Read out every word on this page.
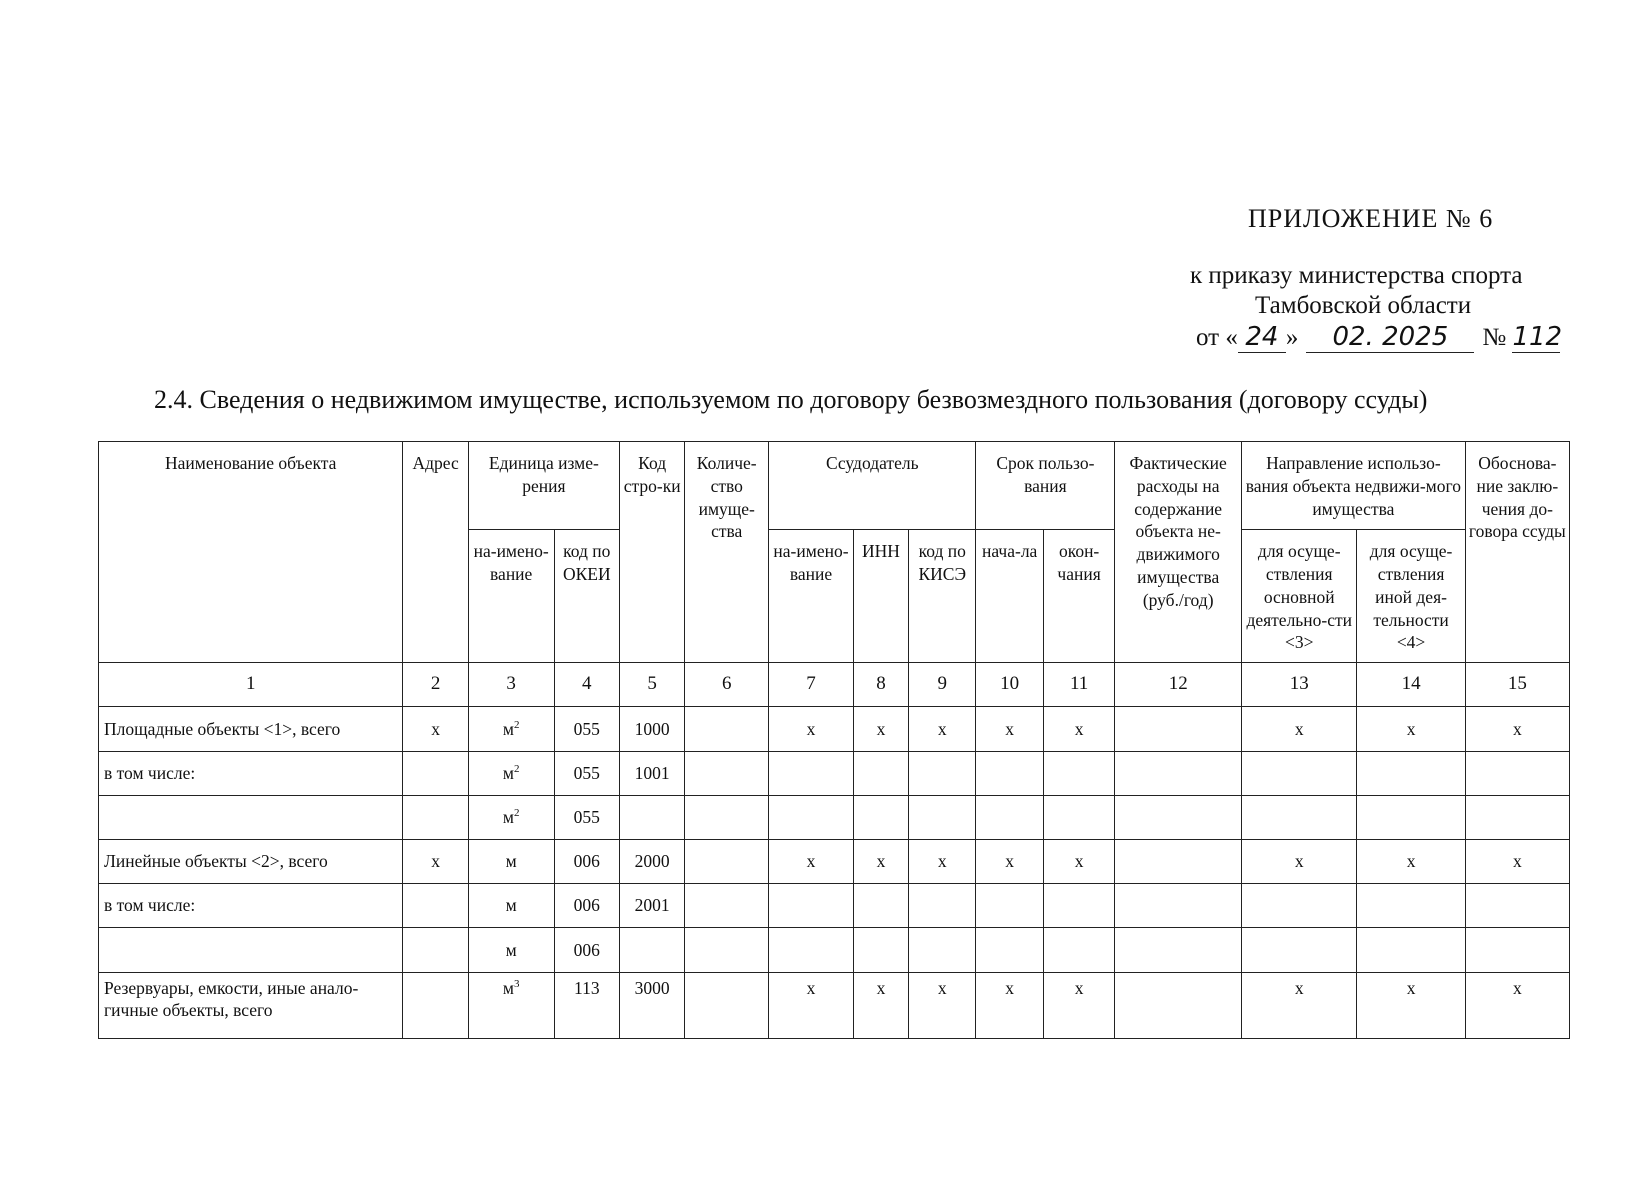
ПРИЛОЖЕНИЕ № 6
к приказу министерства спорта
Тамбовской области
от « 24 » 02. 2025 № 112
2.4. Сведения о недвижимом имуществе, используемом по договору безвозмездного пользования (договору ссуды)
Наименование объекта	Адрес	Единица изме-рения		Код стро-ки	Количе-ство имуще-ства	Ссудодатель			Срок пользо-вания		Фактические расходы на содержание объекта не-движимого имущества (руб./год)	Направление использо-вания объекта недвижи-мого имущества		Обоснова-ние заклю-чения до-говора ссуды
		на-имено-вание	код по ОКЕИ			на-имено-вание	ИНН	код по КИСЭ	нача-ла	окон-чания		для осуще-ствления основной деятельно-сти <3>	для осуще-ствления иной дея-тельности <4>	
1	2	3	4	5	6	7	8	9	10	11	12	13	14	15
Площадные объекты <1>, всего	x	$м^2$	055	1000		x	x	x	x	x		x	x	x
в том числе:		$м^2$	055	1001										
		$м^2$	055											
Линейные объекты <2>, всего	x	м	006	2000		x	x	x	x	x		x	x	x
в том числе:		м	006	2001										
		м	006											
Резервуары, емкости, иные анало-гичные объекты, всего		$м^3$	113	3000		x	x	x	x	x		x	x	x
